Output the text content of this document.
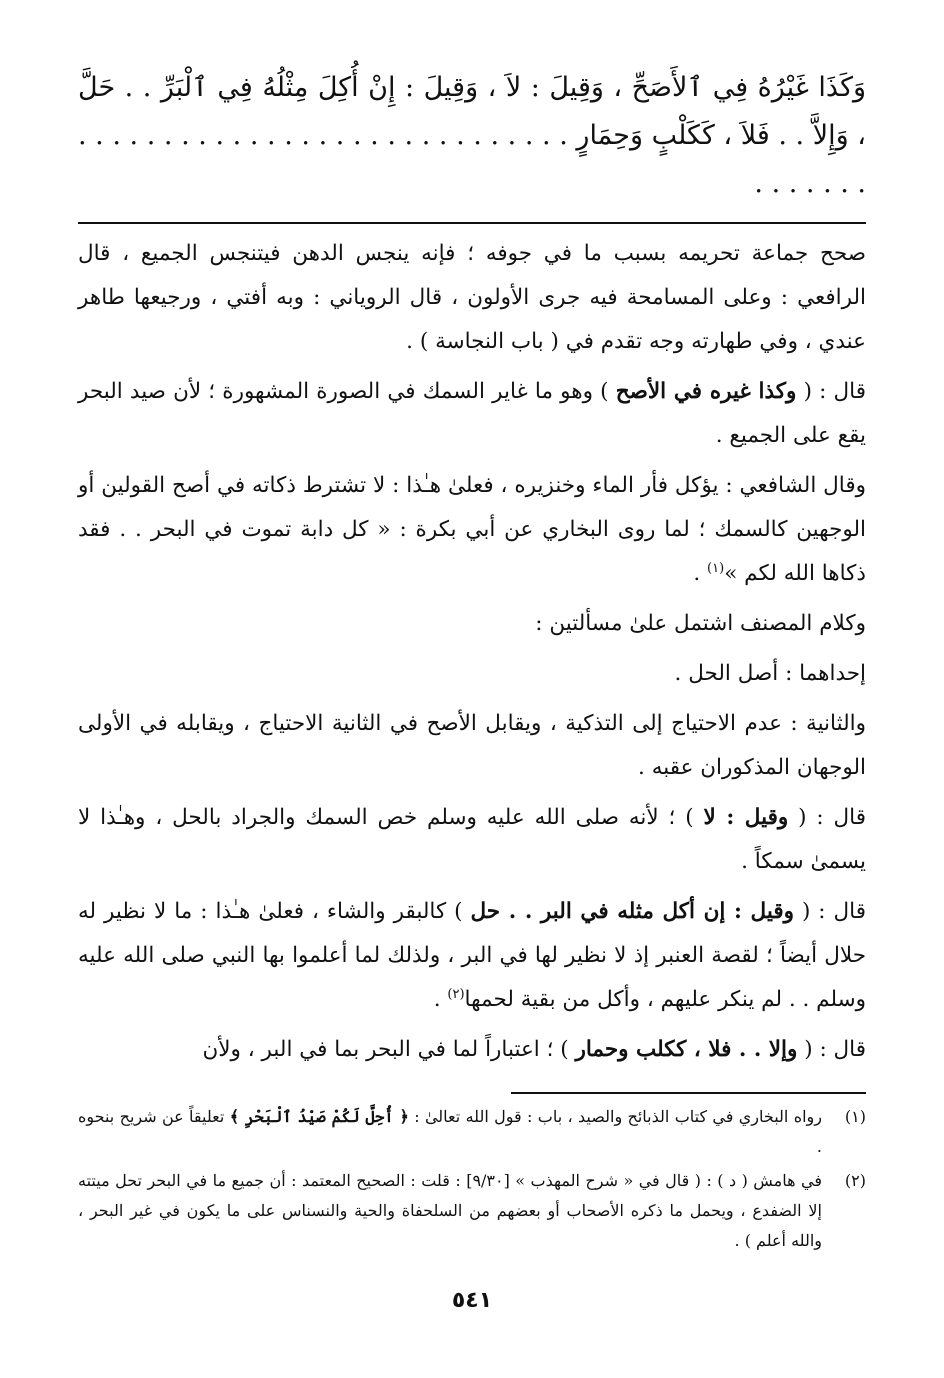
وَكَذَا غَيْرُهُ فِي ٱلأَصَحِّ ، وَقِيلَ : لاَ ، وَقِيلَ : إِنْ أُكِلَ مِثْلُهُ فِي ٱلْبَرِّ . . حَلَّ ، وَإِلاَّ . . فَلاَ ، كَكَلْبٍ وَحِمَارٍ . . . . . . . . . . . . . . . . . . . . . . . . . . . . . . . . . . . .

صحح جماعة تحريمه بسبب ما في جوفه ؛ فإنه ينجس الدهن فيتنجس الجميع ، قال الرافعي : وعلى المسامحة فيه جرى الأولون ، قال الروياني : وبه أفتي ، ورجيعها طاهر عندي ، وفي طهارته وجه تقدم في ( باب النجاسة ) .

قال : ( وكذا غيره في الأصح ) وهو ما غاير السمك في الصورة المشهورة ؛ لأن صيد البحر يقع على الجميع .

وقال الشافعي : يؤكل فأر الماء وخنزيره ، فعلىٰ هـٰذا : لا تشترط ذكاته في أصح القولين أو الوجهين كالسمك ؛ لما روى البخاري عن أبي بكرة : « كل دابة تموت في البحر . . فقد ذكاها الله لكم »$^{(١)}$ .

وكلام المصنف اشتمل علىٰ مسألتين :

إحداهما : أصل الحل .

والثانية : عدم الاحتياج إلى التذكية ، ويقابل الأصح في الثانية الاحتياج ، ويقابله في الأولى الوجهان المذكوران عقبه .

قال : ( وقيل : لا ) ؛ لأنه صلى الله عليه وسلم خص السمك والجراد بالحل ، وهـٰذا لا يسمىٰ سمكاً .

قال : ( وقيل : إن أكل مثله في البر . . حل ) كالبقر والشاء ، فعلىٰ هـٰذا : ما لا نظير له حلال أيضاً ؛ لقصة العنبر إذ لا نظير لها في البر ، ولذلك لما أعلموا بها النبي صلى الله عليه وسلم . . لم ينكر عليهم ، وأكل من بقية لحمها$^{(٢)}$ .

قال : ( وإلا . . فلا ، ككلب وحمار ) ؛ اعتباراً لما في البحر بما في البر ، ولأن

(١)
رواه البخاري في كتاب الذبائح والصيد ، باب : قول الله تعالىٰ : ﴿ أُحِلَّ لَكُمْ صَيْدُ ٱلْبَحْرِ ﴾ تعليقاً عن شريح بنحوه .

(٢)
في هامش ( د ) : ( قال في « شرح المهذب » [٩/٣٠] : قلت : الصحيح المعتمد : أن جميع ما في البحر تحل ميتته إلا الضفدع ، ويحمل ما ذكره الأصحاب أو بعضهم من السلحفاة والحية والنسناس على ما يكون في غير البحر ، والله أعلم ) .

٥٤١
